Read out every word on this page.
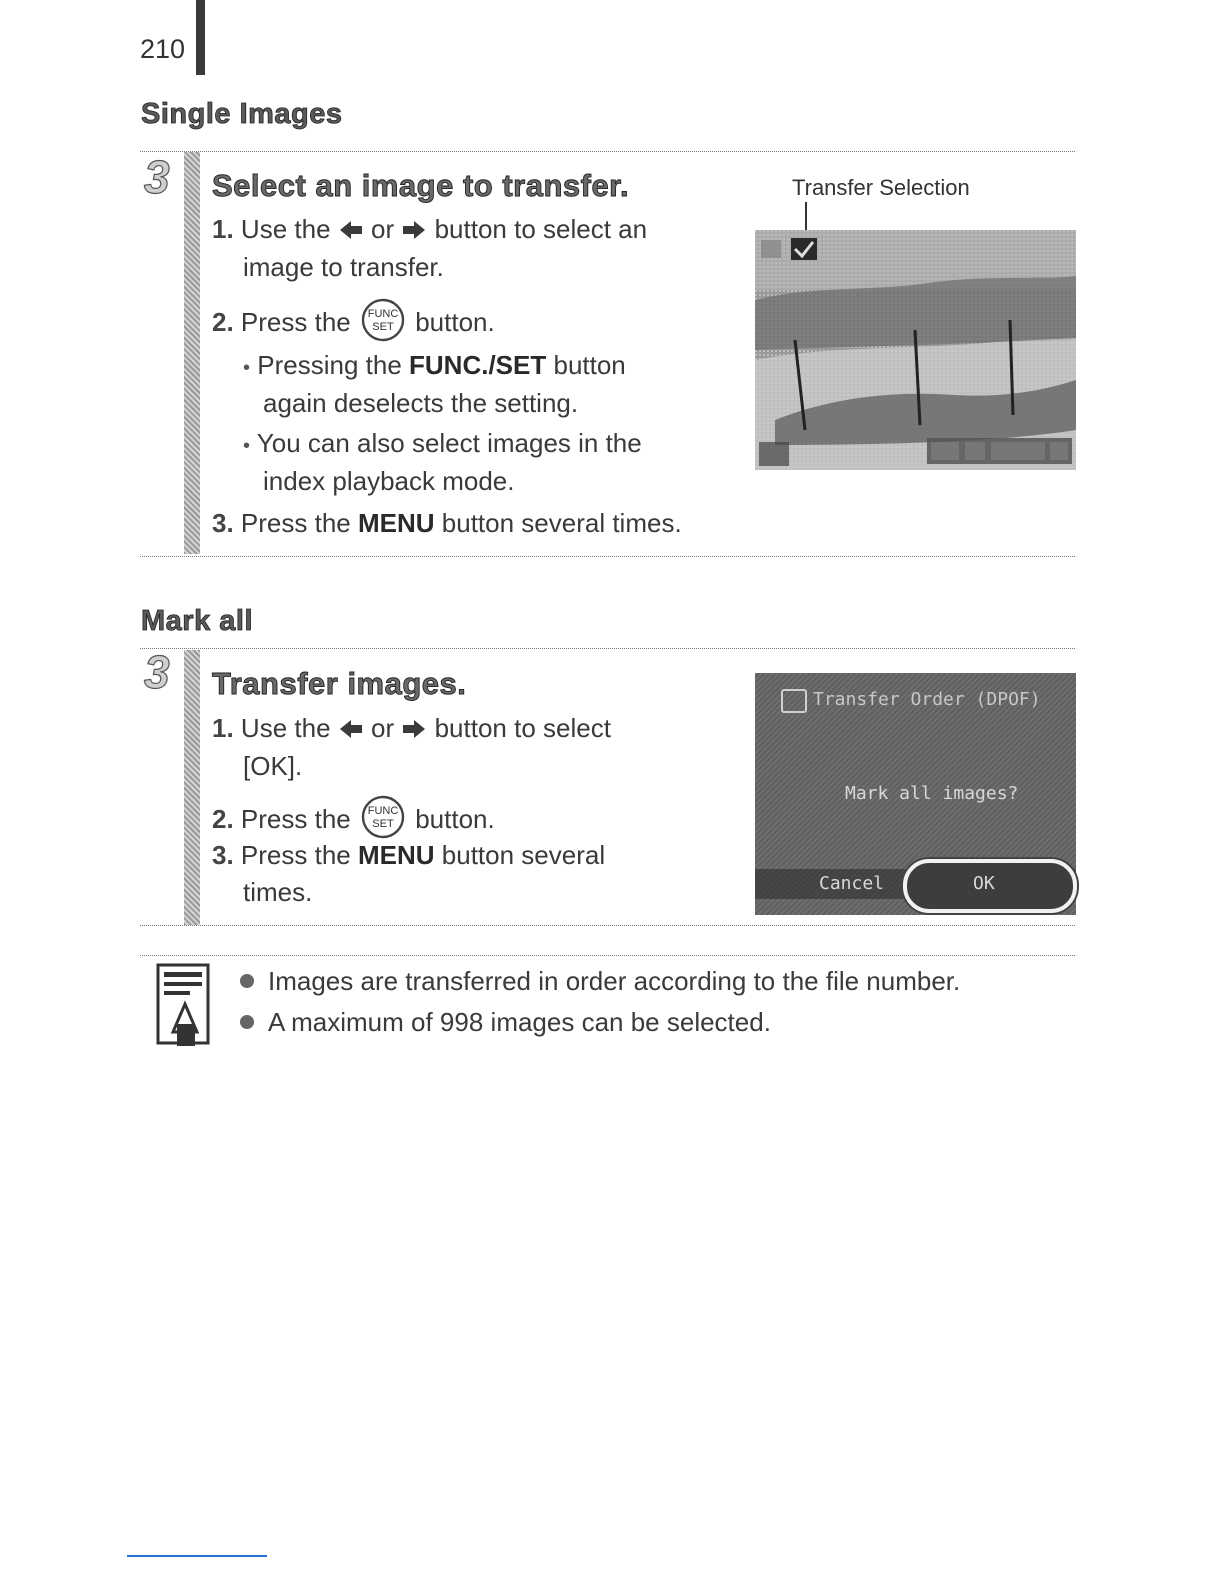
210
Single Images
3 Select an image to transfer.
1. Use the or button to select an
image to transfer.
2. Press the FUNC
SET button.
• Pressing the FUNC./SET button
again deselects the setting.
• You can also select images in the
index playback mode.
3. Press the MENU button several times.
Transfer Selection
Mark all
3 Transfer images.
1. Use the or button to select
[OK].
2. Press the FUNC
SET button.
3. Press the MENU button several
times.
Transfer Order (DPOF)
Mark all images?
Cancel	OK
Images are transferred in order according to the file number.
A maximum of 998 images can be selected.
